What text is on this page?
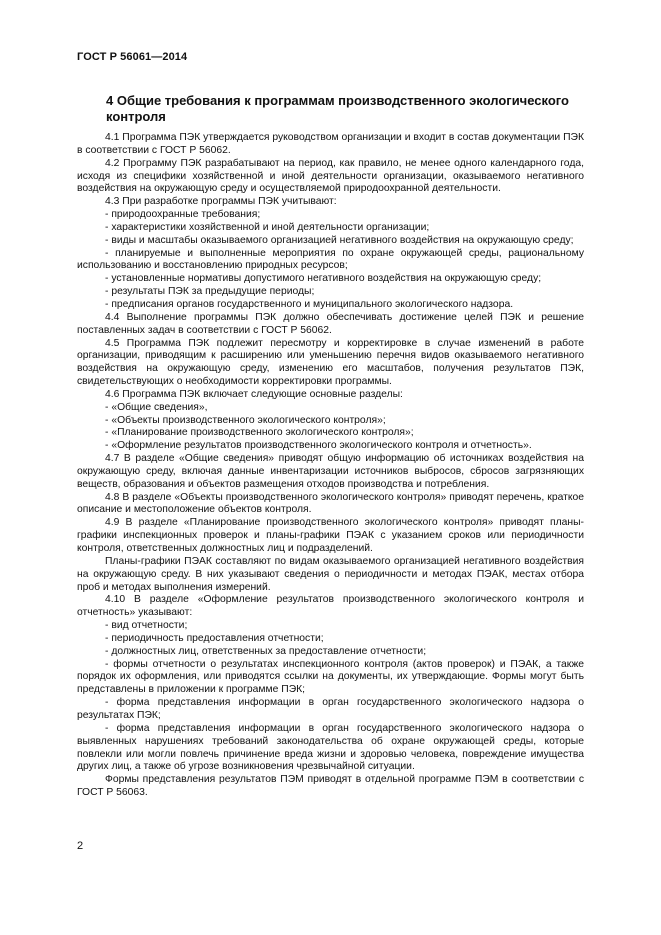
ГОСТ Р 56061—2014
4 Общие требования к программам производственного экологического контроля

4.1 Программа ПЭК утверждается руководством организации и входит в состав документации ПЭК в соответствии с ГОСТ Р 56062.

4.2 Программу ПЭК разрабатывают на период, как правило, не менее одного календарного года, исходя из специфики хозяйственной и иной деятельности организации, оказываемого негативного воздействия на окружающую среду и осуществляемой природоохранной деятельности.

4.3 При разработке программы ПЭК учитывают:

- природоохранные требования;

- характеристики хозяйственной и иной деятельности организации;

- виды и масштабы оказываемого организацией негативного воздействия на окружающую среду;

- планируемые и выполненные мероприятия по охране окружающей среды, рациональному использованию и восстановлению природных ресурсов;

- установленные нормативы допустимого негативного воздействия на окружающую среду;

- результаты ПЭК за предыдущие периоды;

- предписания органов государственного и муниципального экологического надзора.

4.4 Выполнение программы ПЭК должно обеспечивать достижение целей ПЭК и решение поставленных задач в соответствии с ГОСТ Р 56062.

4.5 Программа ПЭК подлежит пересмотру и корректировке в случае изменений в работе организации, приводящим к расширению или уменьшению перечня видов оказываемого негативного воздействия на окружающую среду, изменению его масштабов, получения результатов ПЭК, свидетельствующих о необходимости корректировки программы.

4.6 Программа ПЭК включает следующие основные разделы:

- «Общие сведения»,

- «Объекты производственного экологического контроля»;

- «Планирование производственного экологического контроля»;

- «Оформление результатов производственного экологического контроля и отчетность».

4.7 В разделе «Общие сведения» приводят общую информацию об источниках воздействия на окружающую среду, включая данные инвентаризации источников выбросов, сбросов загрязняющих веществ, образования и объектов размещения отходов производства и потребления.

4.8 В разделе «Объекты производственного экологического контроля» приводят перечень, краткое описание и местоположение объектов контроля.

4.9 В разделе «Планирование производственного экологического контроля» приводят планы-графики инспекционных проверок и планы-графики ПЭАК с указанием сроков или периодичности контроля, ответственных должностных лиц и подразделений.

Планы-графики ПЭАК составляют по видам оказываемого организацией негативного воздействия на окружающую среду. В них указывают сведения о периодичности и методах ПЭАК, местах отбора проб и методах выполнения измерений.

4.10 В разделе «Оформление результатов производственного экологического контроля и отчетность» указывают:

- вид отчетности;

- периодичность предоставления отчетности;

- должностных лиц, ответственных за предоставление отчетности;

- формы отчетности о результатах инспекционного контроля (актов проверок) и ПЭАК, а также порядок их оформления, или приводятся ссылки на документы, их утверждающие. Формы могут быть представлены в приложении к программе ПЭК;

- форма представления информации в орган государственного экологического надзора о результатах ПЭК;

- форма представления информации в орган государственного экологического надзора о выявленных нарушениях требований законодательства об охране окружающей среды, которые повлекли или могли повлечь причинение вреда жизни и здоровью человека, повреждение имущества других лиц, а также об угрозе возникновения чрезвычайной ситуации.

Формы представления результатов ПЭМ приводят в отдельной программе ПЭМ в соответствии с ГОСТ Р 56063.

2
